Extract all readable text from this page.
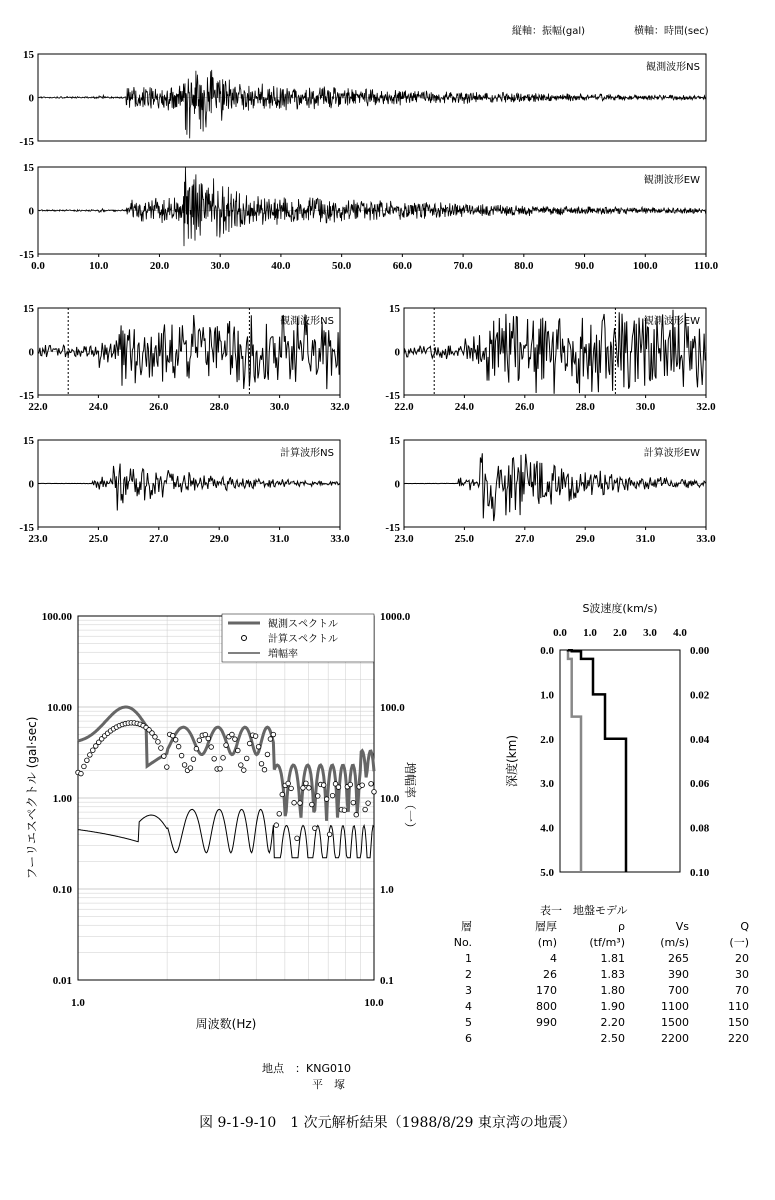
縦軸：振幅(gal)	横軸：時間(sec)
15
0
-15
観測波形NS
15
0
-15
0.0	10.0	20.0	30.0	40.0	50.0	60.0	70.0	80.0	90.0	100.0	110.0
観測波形EW
15
0
-15
22.0	24.0	26.0	28.0	30.0	32.0
観測波形NS
15
0
-15
22.0	24.0	26.0	28.0	30.0	32.0
観測波形EW
15
0
-15
23.0	25.0	27.0	29.0	31.0	33.0
計算波形NS
15
0
-15
23.0	25.0	27.0	29.0	31.0	33.0
計算波形EW
100.00
10.00
1.00
0.10
0.01
1000.0
100.0
10.0
1.0
0.1
1.0	10.0
周波数(Hz)
フーリエスペクトル (gal·sec)	増幅率（一）
観測スペクトル
計算スペクトル
増幅率
S波速度(km/s)
0.0 1.0 2.0 3.0 4.0
0.0
1.0
2.0
3.0
4.0
5.0
0.00
0.02
0.04
0.06
0.08
0.10
深度(km)
表一　地盤モデル
層	層厚	ρ	Vs	Q
No.	(m)	(tf/m³)	(m/s)	(一)
1	4	1.81	265	20
2	26	1.83	390	30
3	170	1.80	700	70
4	800	1.90	1100	110
5	990	2.20	1500	150
6		2.50	2200	220
地点　：KNG010
平　塚
図 9-1-9-10　1 次元解析結果（1988/8/29 東京湾の地震）
